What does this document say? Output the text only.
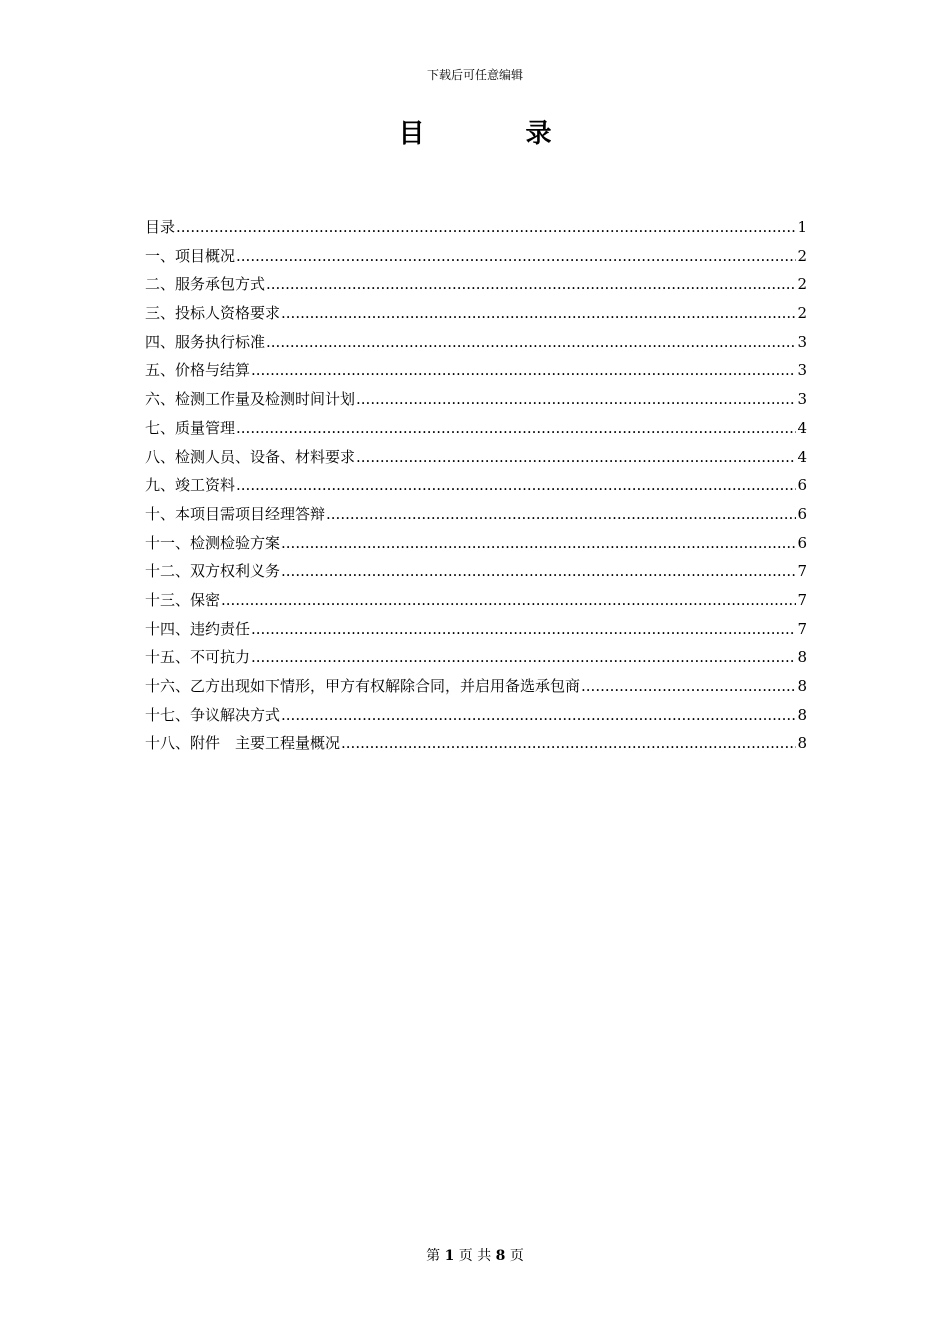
下载后可任意编辑
目 录
目录 .....	1
一、项目概况 .....	2
二、服务承包方式 .....	2
三、投标人资格要求 .....	2
四、服务执行标准 .....	3
五、价格与结算 .....	3
六、检测工作量及检测时间计划 .....	3
七、质量管理 .....	4
八、检测人员、设备、材料要求 .....	4
九、竣工资料 .....	6
十、本项目需项目经理答辩 .....	6
十一、检测检验方案 .....	6
十二、双方权利义务 .....	7
十三、保密 .....	7
十四、违约责任 .....	7
十五、不可抗力 .....	8
十六、乙方出现如下情形，甲方有权解除合同，并启用备选承包商 .....	8
十七、争议解决方式 .....	8
十八、附件　主要工程量概况 .....	8
第 1 页 共 8 页
